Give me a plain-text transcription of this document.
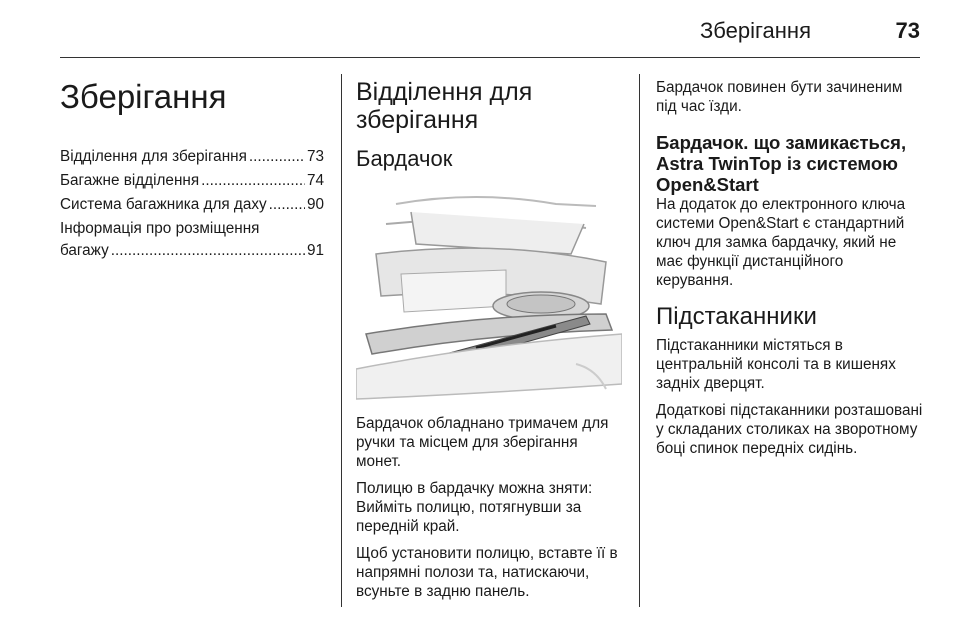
Зберігання	73
Зберігання
Відділення для зберігання .....	73
Багажне відділення .....	74
Система багажника для даху .....	90
Інформація про розміщення
багажу .....	91
Відділення для зберігання
Бардачок

Бардачок обладнано тримачем для ручки та місцем для зберігання монет.

Полицю в бардачку можна зняти: Вийміть полицю, потягнувши за передній край.

Щоб установити полицю, вставте її в напрямні полози та, натискаючи, всуньте в задню панель.

Бардачок повинен бути зачиненим під час їзди.

Бардачок. що замикається, Astra TwinTop із системою Open&Start

На додаток до електронного ключа системи Open&Start є стандартний ключ для замка бардачку, який не має функції дистанційного керування.

Підстаканники

Підстаканники містяться в центральній консолі та в кишенях задніх дверцят.

Додаткові підстаканники розташовані у складаних столиках на зворотному боці спинок передніх сидінь.
